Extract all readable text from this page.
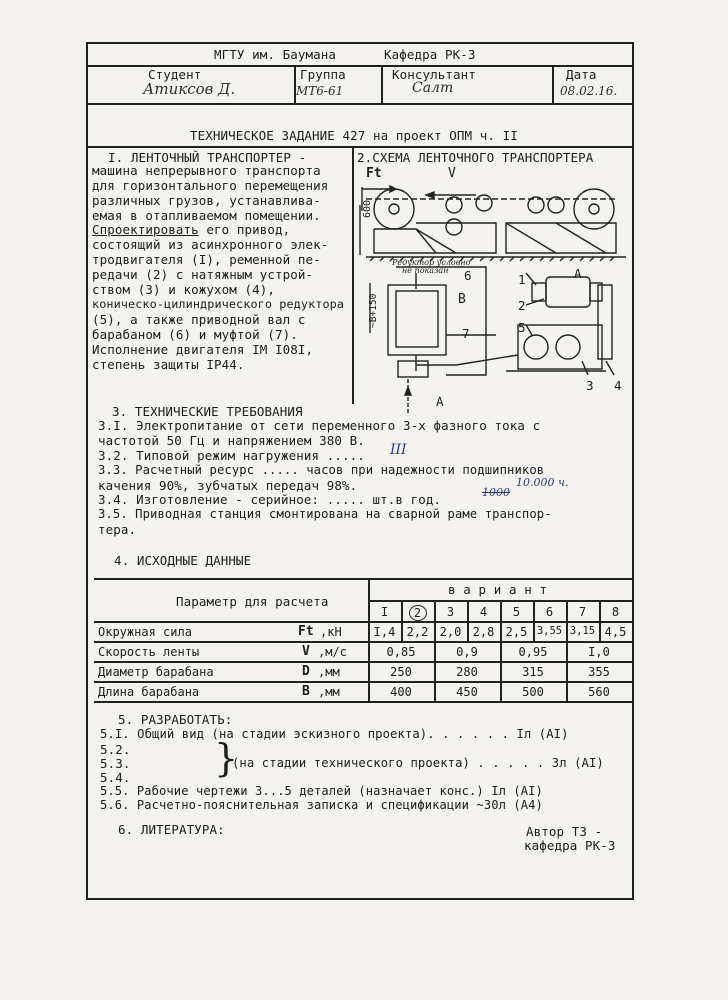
МГТУ им. Баумана	Кафедра РК-3
Студент	Группа	Консультант	Дата
Атиксов Д.	МТ6-61	Салт	08.02.16.
ТЕХНИЧЕСКОЕ ЗАДАНИЕ 427 на проект ОПМ ч. II
I. ЛЕНТОЧНЫЙ ТРАНСПОРТЕР -
машина непрерывного транспорта
для горизонтального перемещения
различных грузов, устанавлива-
емая в отапливаемом помещении.
Спроектировать его привод,
состоящий из асинхронного элек-
тродвигателя (I), ременной пе-
редачи (2) с натяжным устрой-
ством (3) и кожухом (4),
коническо-цилиндрического редуктора
(5), а также приводной вал с
барабаном (6) и муфтой (7).
Исполнение двигателя IM I08I,
степень защиты IP44.
2.СХЕМА ЛЕНТОЧНОГО ТРАНСПОРТЕРА
Ft	V
600
~B+150
Редуктор условно
не показан 6
B
1	A
2
5
7
3 4
A
3. ТЕХНИЧЕСКИЕ ТРЕБОВАНИЯ
3.I. Электропитание от сети переменного 3-х фазного тока с
частотой 50 Гц и напряжением 380 В.
3.2. Типовой режим нагружения ..... III
3.3. Расчетный ресурс ..... часов при надежности подшипников
качения 90%, зубчатых передач 98%.	10.000 ч.
3.4. Изготовление - серийное: ..... шт.в год.	1000
3.5. Приводная станция смонтирована на сварной раме транспор-
тера.
4. ИСХОДНЫЕ ДАННЫЕ
Параметр для расчета
в а р и а н т
I	2	3	4	5	6	7	8
Окружная сила	Ft ,кН	I,4 2,2 2,0 2,8 2,5 3,55 3,15 4,5
Скорость ленты	V ,м/с	0,85	0,9	0,95	I,0
Диаметр барабана	D ,мм	250	280	315	355
Длина барабана	B ,мм	400	450	500	560
5. РАЗРАБОТАТЬ:
5.I. Общий вид (на стадии эскизного проекта). . . . . . Iл (AI)
5.2.
5.3.
5.4. }
(на стадии технического проекта) . . . . . 3л (AI)
5.5. Рабочие чертежи 3...5 деталей (назначает конс.) Iл (AI)
5.6. Расчетно-пояснительная записка и спецификации ~30л (A4)
6. ЛИТЕРАТУРА:	Автор ТЗ -
кафедра РК-3
